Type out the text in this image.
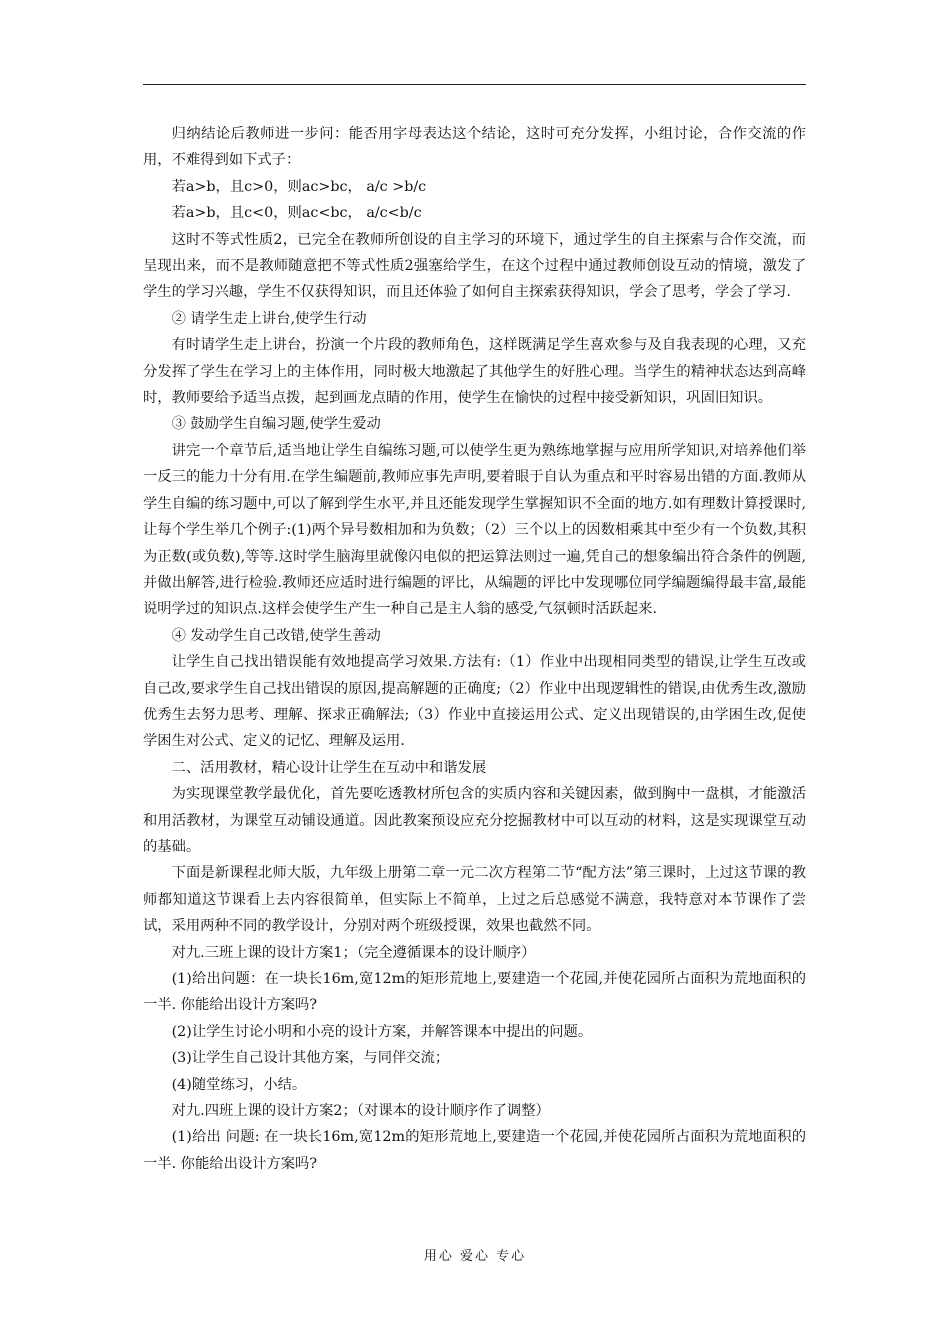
归纳结论后教师进一步问：能否用字母表达这个结论，这时可充分发挥，小组讨论，合作交流的作用，不难得到如下式子：

若a>b，且c>0，则ac>bc， a/c >b/c

若a>b，且c<0，则ac<bc， a/c<b/c

这时不等式性质2，已完全在教师所创设的自主学习的环境下，通过学生的自主探索与合作交流，而呈现出来，而不是教师随意把不等式性质2强塞给学生，在这个过程中通过教师创设互动的情境，激发了学生的学习兴趣，学生不仅获得知识，而且还体验了如何自主探索获得知识，学会了思考，学会了学习.

② 请学生走上讲台,使学生行动

有时请学生走上讲台，扮演一个片段的教师角色，这样既满足学生喜欢参与及自我表现的心理，又充分发挥了学生在学习上的主体作用，同时极大地激起了其他学生的好胜心理。当学生的精神状态达到高峰时，教师要给予适当点拨，起到画龙点睛的作用，使学生在愉快的过程中接受新知识，巩固旧知识。

③ 鼓励学生自编习题,使学生爱动

讲完一个章节后,适当地让学生自编练习题,可以使学生更为熟练地掌握与应用所学知识,对培养他们举一反三的能力十分有用.在学生编题前,教师应事先声明,要着眼于自认为重点和平时容易出错的方面.教师从学生自编的练习题中,可以了解到学生水平,并且还能发现学生掌握知识不全面的地方.如有理数计算授课时,让每个学生举几个例子:(1)两个异号数相加和为负数；（2）三个以上的因数相乘其中至少有一个负数,其积为正数(或负数),等等.这时学生脑海里就像闪电似的把运算法则过一遍,凭自己的想象编出符合条件的例题,并做出解答,进行检验.教师还应适时进行编题的评比，从编题的评比中发现哪位同学编题编得最丰富,最能说明学过的知识点.这样会使学生产生一种自己是主人翁的感受,气氛顿时活跃起来.

④ 发动学生自己改错,使学生善动

让学生自己找出错误能有效地提高学习效果.方法有:（1）作业中出现相同类型的错误,让学生互改或自己改,要求学生自己找出错误的原因,提高解题的正确度;（2）作业中出现逻辑性的错误,由优秀生改,激励优秀生去努力思考、理解、探求正确解法;（3）作业中直接运用公式、定义出现错误的,由学困生改,促使学困生对公式、定义的记忆、理解及运用.

二、活用教材，精心设计让学生在互动中和谐发展

为实现课堂教学最优化，首先要吃透教材所包含的实质内容和关键因素，做到胸中一盘棋，才能激活和用活教材，为课堂互动铺设通道。因此教案预设应充分挖掘教材中可以互动的材料，这是实现课堂互动的基础。

下面是新课程北师大版，九年级上册第二章一元二次方程第二节“配方法”第三课时，上过这节课的教师都知道这节课看上去内容很简单，但实际上不简单，上过之后总感觉不满意，我特意对本节课作了尝试，采用两种不同的教学设计，分别对两个班级授课，效果也截然不同。

对九.三班上课的设计方案1；（完全遵循课本的设计顺序）

(1)给出问题：在一块长16m,宽12m的矩形荒地上,要建造一个花园,并使花园所占面积为荒地面积的一半. 你能给出设计方案吗?

(2)让学生讨论小明和小亮的设计方案，并解答课本中提出的问题。

(3)让学生自己设计其他方案，与同伴交流；

(4)随堂练习，小结。

对九.四班上课的设计方案2；（对课本的设计顺序作了调整）

(1)给出 问题: 在一块长16m,宽12m的矩形荒地上,要建造一个花园,并使花园所占面积为荒地面积的一半. 你能给出设计方案吗?

用心 爱心 专心
